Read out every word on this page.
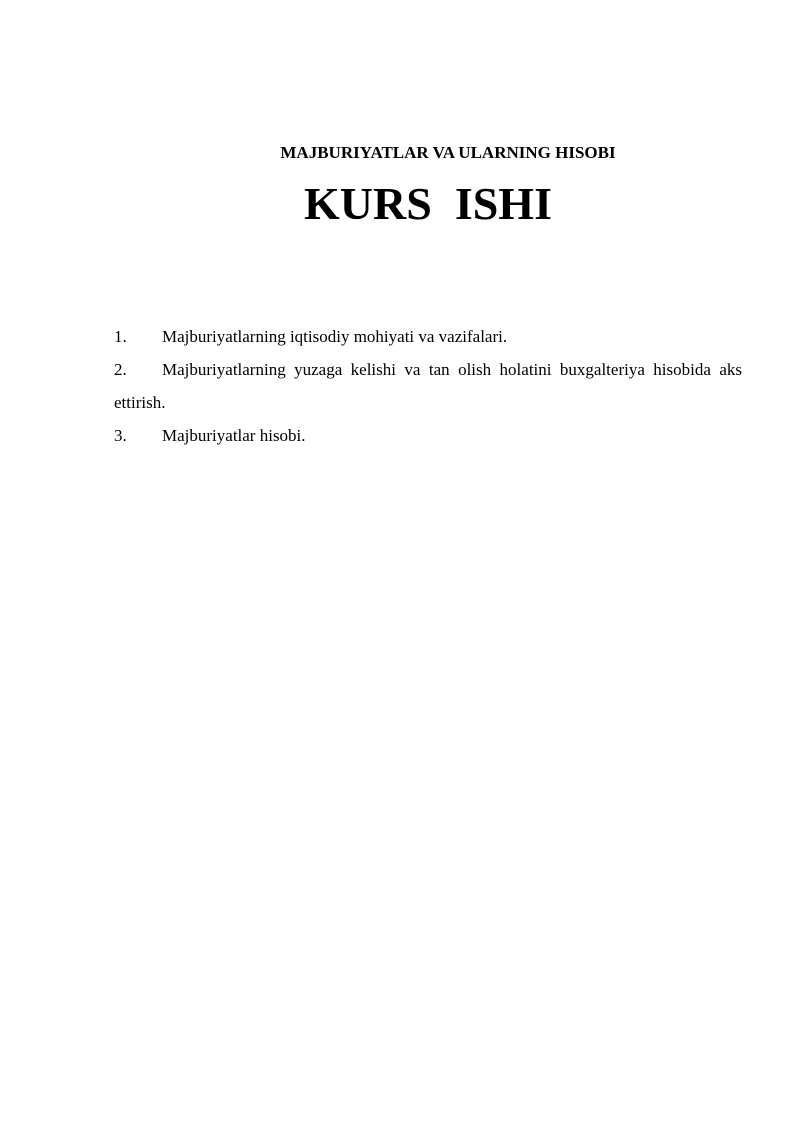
MAJBURIYATLAR VA ULARNING HISOBI
KURS  ISHI
1. Majburiyatlarning iqtisodiy mohiyati va vazifalari.
2. Majburiyatlarning yuzaga kelishi va tan olish holatini buxgalteriya hisobida aks ettirish.
3. Majburiyatlar hisobi.
